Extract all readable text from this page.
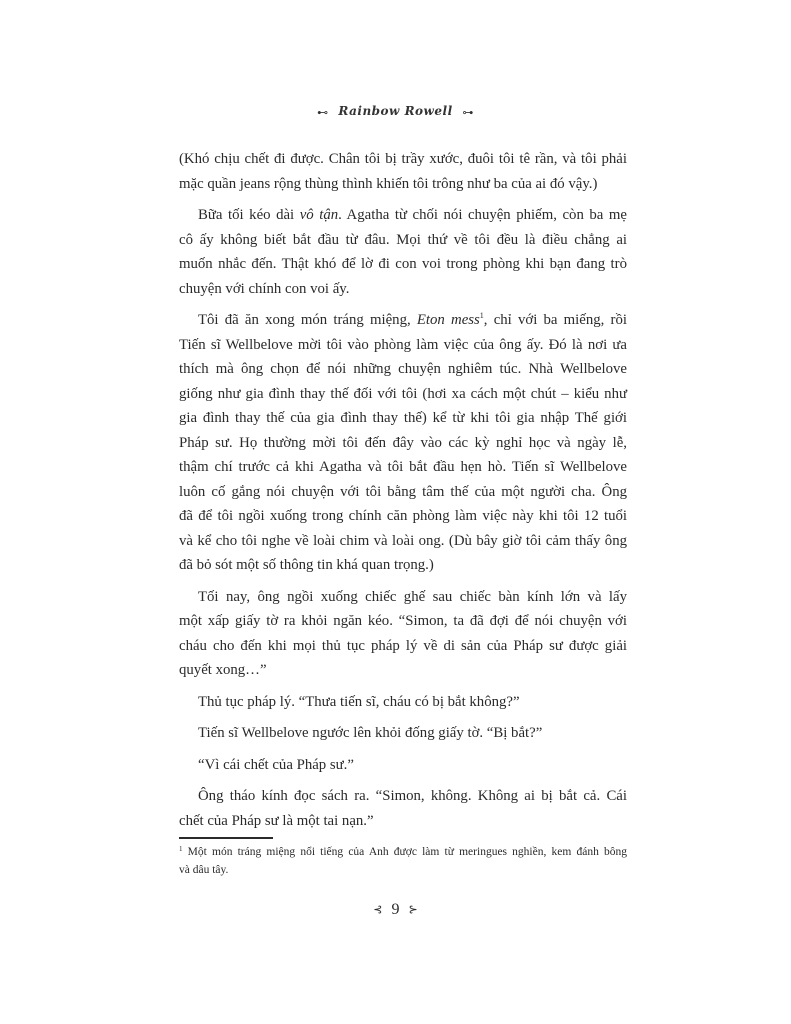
⊷ Rainbow Rowell ⊶
(Khó chịu chết đi được. Chân tôi bị trầy xước, đuôi tôi tê rần, và tôi phải
mặc quần jeans rộng thùng thình khiến tôi trông như ba của ai đó vậy.)
Bữa tối kéo dài vô tận. Agatha từ chối nói chuyện phiếm, còn ba mẹ
cô ấy không biết bắt đầu từ đâu. Mọi thứ về tôi đều là điều chẳng ai
muốn nhắc đến. Thật khó để lờ đi con voi trong phòng khi bạn đang trò
chuyện với chính con voi ấy.
Tôi đã ăn xong món tráng miệng, Eton mess$^1$, chỉ với ba miếng, rồi
Tiến sĩ Wellbelove mời tôi vào phòng làm việc của ông ấy. Đó là nơi ưa
thích mà ông chọn để nói những chuyện nghiêm túc. Nhà Wellbelove
giống như gia đình thay thế đối với tôi (hơi xa cách một chút – kiểu như
gia đình thay thế của gia đình thay thế) kể từ khi tôi gia nhập Thế giới
Pháp sư. Họ thường mời tôi đến đây vào các kỳ nghỉ học và ngày lễ,
thậm chí trước cả khi Agatha và tôi bắt đầu hẹn hò. Tiến sĩ Wellbelove
luôn cố gắng nói chuyện với tôi bằng tâm thế của một người cha. Ông
đã để tôi ngồi xuống trong chính căn phòng làm việc này khi tôi 12 tuổi
và kể cho tôi nghe về loài chim và loài ong. (Dù bây giờ tôi cảm thấy ông
đã bỏ sót một số thông tin khá quan trọng.)
Tối nay, ông ngồi xuống chiếc ghế sau chiếc bàn kính lớn và lấy
một xấp giấy tờ ra khỏi ngăn kéo. “Simon, ta đã đợi để nói chuyện với
cháu cho đến khi mọi thủ tục pháp lý về di sản của Pháp sư được giải
quyết xong…”
Thủ tục pháp lý. “Thưa tiến sĩ, cháu có bị bắt không?”
Tiến sĩ Wellbelove ngước lên khỏi đống giấy tờ. “Bị bắt?”
“Vì cái chết của Pháp sư.”
Ông tháo kính đọc sách ra. “Simon, không. Không ai bị bắt cả. Cái
chết của Pháp sư là một tai nạn.”
$^1$ Một món tráng miệng nổi tiếng của Anh được làm từ meringues nghiền, kem đánh bông
và dâu tây.
⊰ 9 ⊱
